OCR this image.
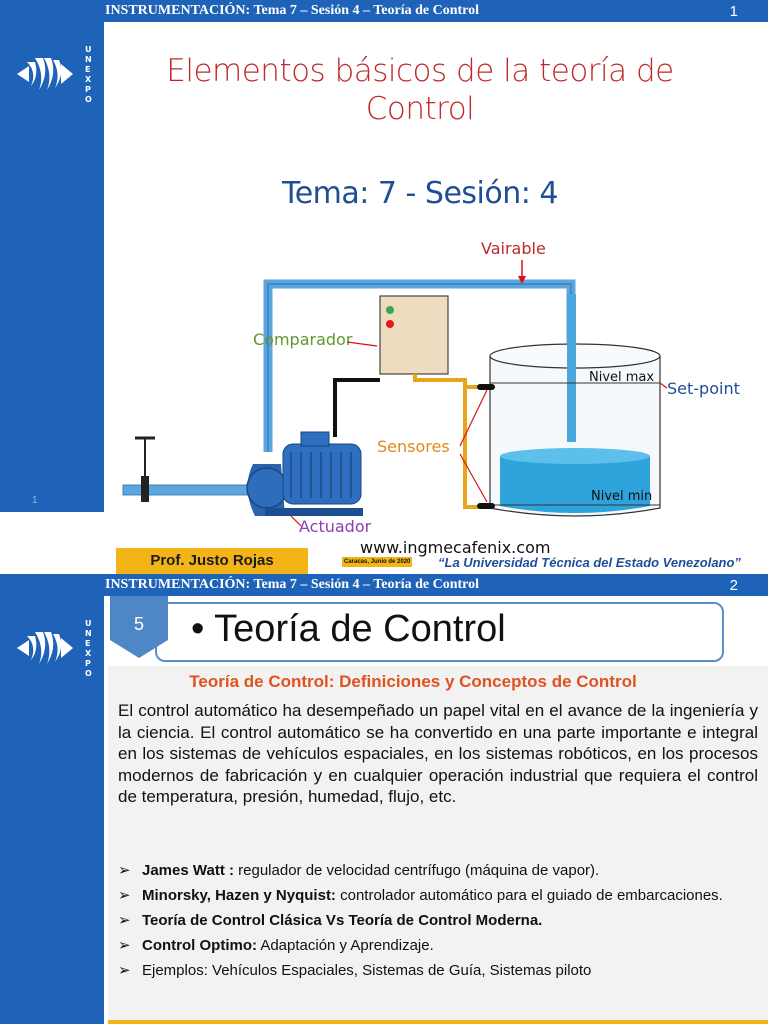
INSTRUMENTACIÓN: Tema 7 – Sesión 4 – Teoría de Control	1
U
N
E
X
P
O
1
Elementos básicos de la teoría de Control
Tema: 7 - Sesión: 4
Vairable
Comparador
Nivel max
Nivel min
Set-point
Sensores
Actuador
Prof. Justo Rojas
www.ingmecafenix.com
Caracas, Junio de 2020 “La Universidad Técnica del Estado Venezolano”
INSTRUMENTACIÓN: Tema 7 – Sesión 4 – Teoría de Control	2
U
N
E
X
P
O
• Teoría de Control
5
Teoría de Control: Definiciones y Conceptos de Control
El control automático ha desempeñado un papel vital en el avance de la ingeniería y la ciencia. El control automático se ha convertido en una parte importante e integral en los sistemas de vehículos espaciales, en los sistemas robóticos, en los procesos modernos de fabricación y en cualquier operación industrial que requiera el control de temperatura, presión, humedad, flujo, etc.
➢ James Watt : regulador de velocidad centrífugo (máquina de vapor).
➢ Minorsky, Hazen y Nyquist: controlador automático para el guiado de embarcaciones.
➢ Teoría de Control Clásica Vs Teoría de Control Moderna.
➢ Control Optimo: Adaptación y Aprendizaje.
➢ Ejemplos: Vehículos Espaciales, Sistemas de Guía, Sistemas piloto
